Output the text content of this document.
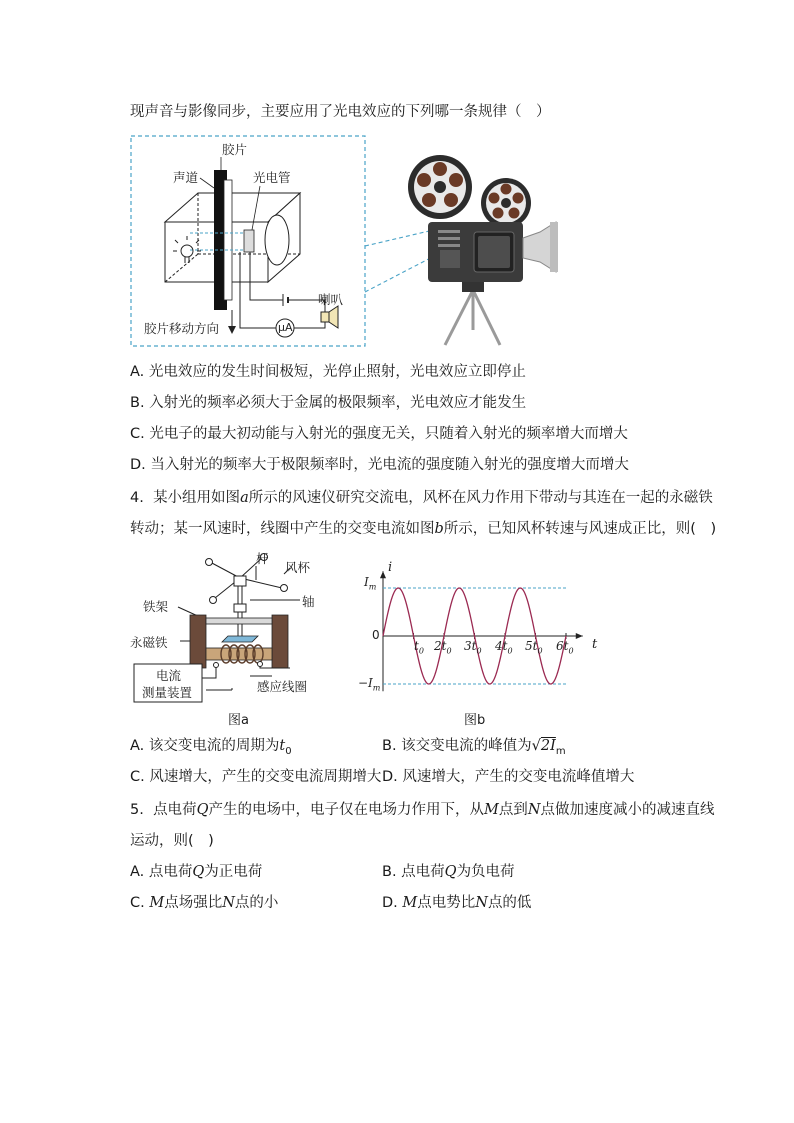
现声音与影像同步，主要应用了光电效应的下列哪一条规律（　）
胶片
声道	光电管
喇叭
μA
胶片移动方向
A. 光电效应的发生时间极短，光停止照射，光电效应立即停止
B. 入射光的频率必须大于金属的极限频率，光电效应才能发生
C. 光电子的最大初动能与入射光的强度无关，只随着入射光的频率增大而增大
D. 当入射光的频率大于极限频率时，光电流的强度随入射光的强度增大而增大
4. 某小组用如图a所示的风速仪研究交流电，风杯在风力作用下带动与其连在一起的永磁铁
转动；某一风速时，线圈中产生的交变电流如图b所示，已知风杯转速与风速成正比，则(　)
杆
风杯
铁架	轴
永磁铁
电流
测量装置	感应线圈
图a
i
t
$I_m$
0
$-I_m$
$t_0$ $2t_0$ $3t_0$ $4t_0$ $5t_0$ $6t_0$
图b
A. 该交变电流的周期为$t_0$	B. 该交变电流的峰值为$√2I_m$
C. 风速增大，产生的交变电流周期增大 D. 风速增大，产生的交变电流峰值增大
5. 点电荷Q产生的电场中，电子仅在电场力作用下，从M点到N点做加速度减小的减速直线
运动，则(　)
A. 点电荷Q为正电荷	B. 点电荷Q为负电荷
C. M点场强比N点的小	D. M点电势比N点的低
